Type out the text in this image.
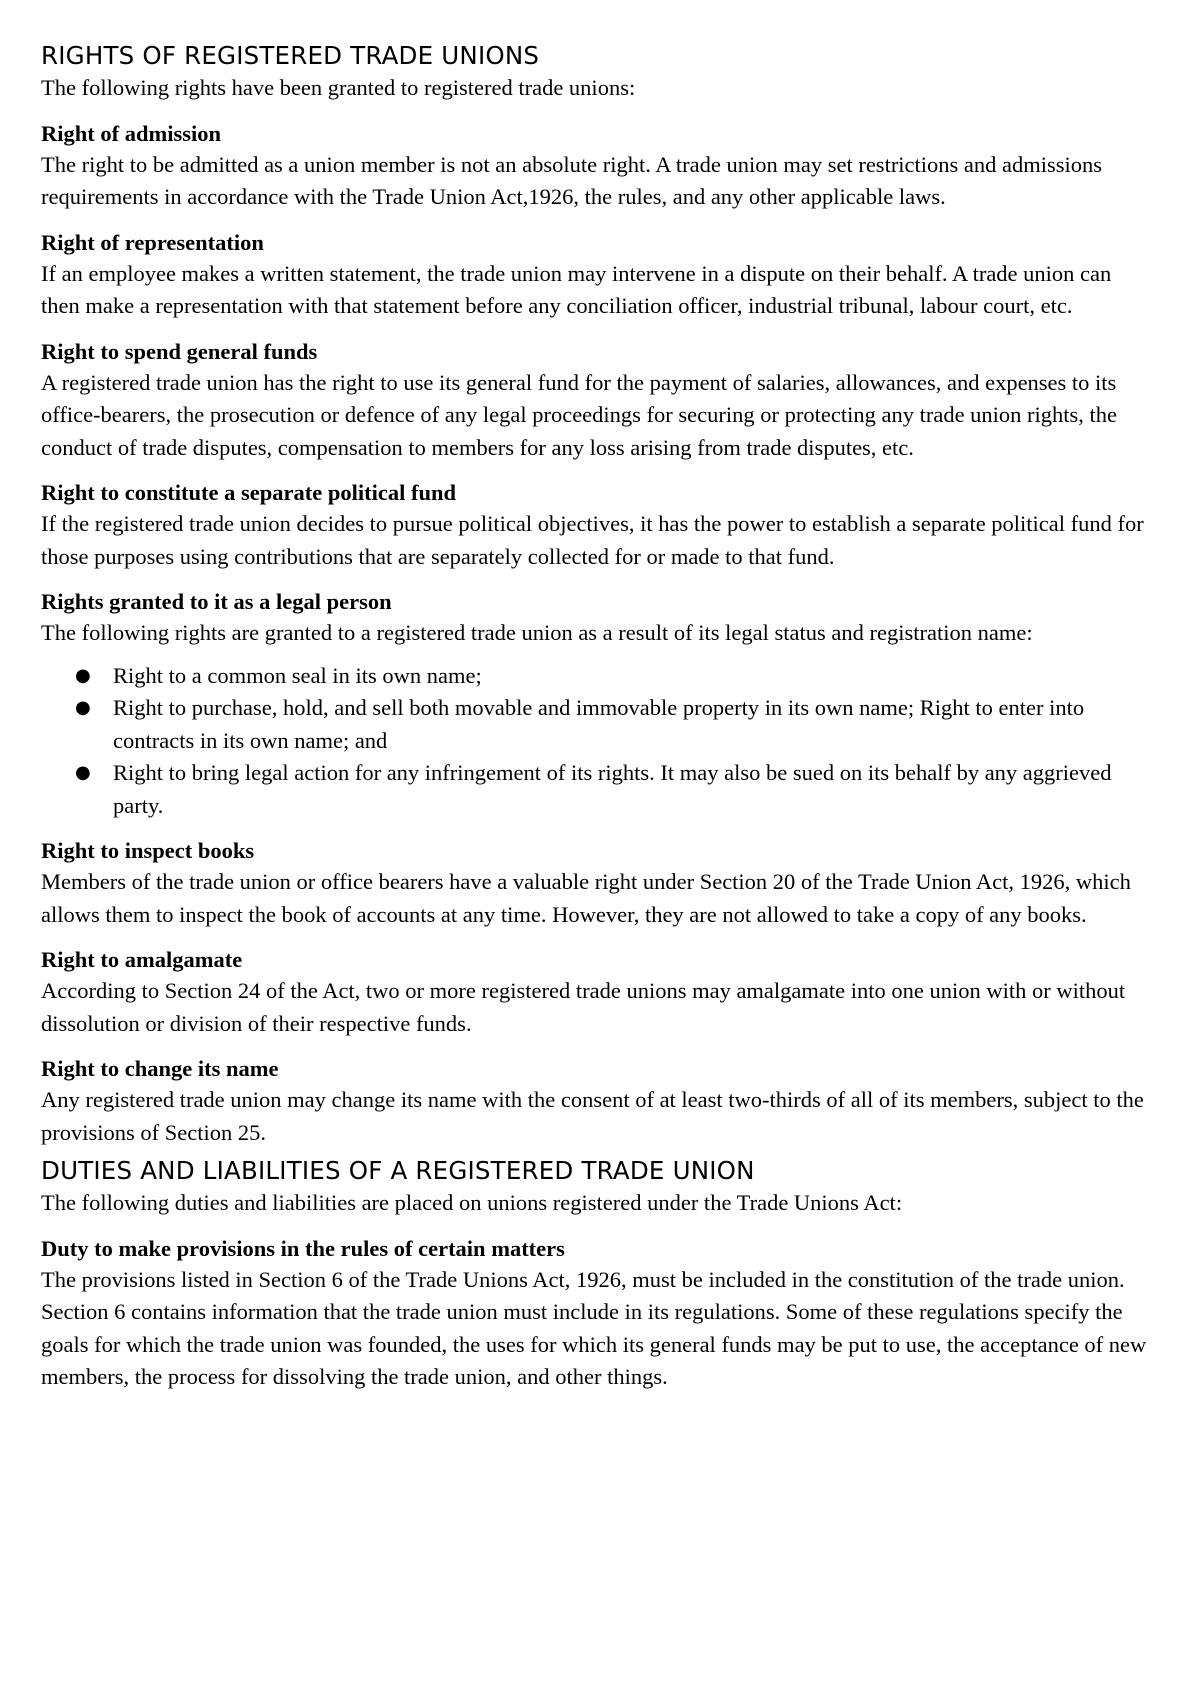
RIGHTS OF REGISTERED TRADE UNIONS

The following rights have been granted to registered trade unions:

Right of admission

The right to be admitted as a union member is not an absolute right. A trade union may set restrictions and admissions requirements in accordance with the Trade Union Act,1926, the rules, and any other applicable laws.

Right of representation

If an employee makes a written statement, the trade union may intervene in a dispute on their behalf. A trade union can then make a representation with that statement before any conciliation officer, industrial tribunal, labour court, etc.

Right to spend general funds

A registered trade union has the right to use its general fund for the payment of salaries, allowances, and expenses to its office-bearers, the prosecution or defence of any legal proceedings for securing or protecting any trade union rights, the conduct of trade disputes, compensation to members for any loss arising from trade disputes, etc.

Right to constitute a separate political fund

If the registered trade union decides to pursue political objectives, it has the power to establish a separate political fund for those purposes using contributions that are separately collected for or made to that fund.

Rights granted to it as a legal person

The following rights are granted to a registered trade union as a result of its legal status and registration name:

● Right to a common seal in its own name;
● Right to purchase, hold, and sell both movable and immovable property in its own name; Right to enter into contracts in its own name; and
● Right to bring legal action for any infringement of its rights. It may also be sued on its behalf by any aggrieved party.

Right to inspect books

Members of the trade union or office bearers have a valuable right under Section 20 of the Trade Union Act, 1926, which allows them to inspect the book of accounts at any time. However, they are not allowed to take a copy of any books.

Right to amalgamate

According to Section 24 of the Act, two or more registered trade unions may amalgamate into one union with or without dissolution or division of their respective funds.

Right to change its name

Any registered trade union may change its name with the consent of at least two-thirds of all of its members, subject to the provisions of Section 25.

DUTIES AND LIABILITIES OF A REGISTERED TRADE UNION

The following duties and liabilities are placed on unions registered under the Trade Unions Act:

Duty to make provisions in the rules of certain matters

The provisions listed in Section 6 of the Trade Unions Act, 1926, must be included in the constitution of the trade union. Section 6 contains information that the trade union must include in its regulations. Some of these regulations specify the goals for which the trade union was founded, the uses for which its general funds may be put to use, the acceptance of new members, the process for dissolving the trade union, and other things.
